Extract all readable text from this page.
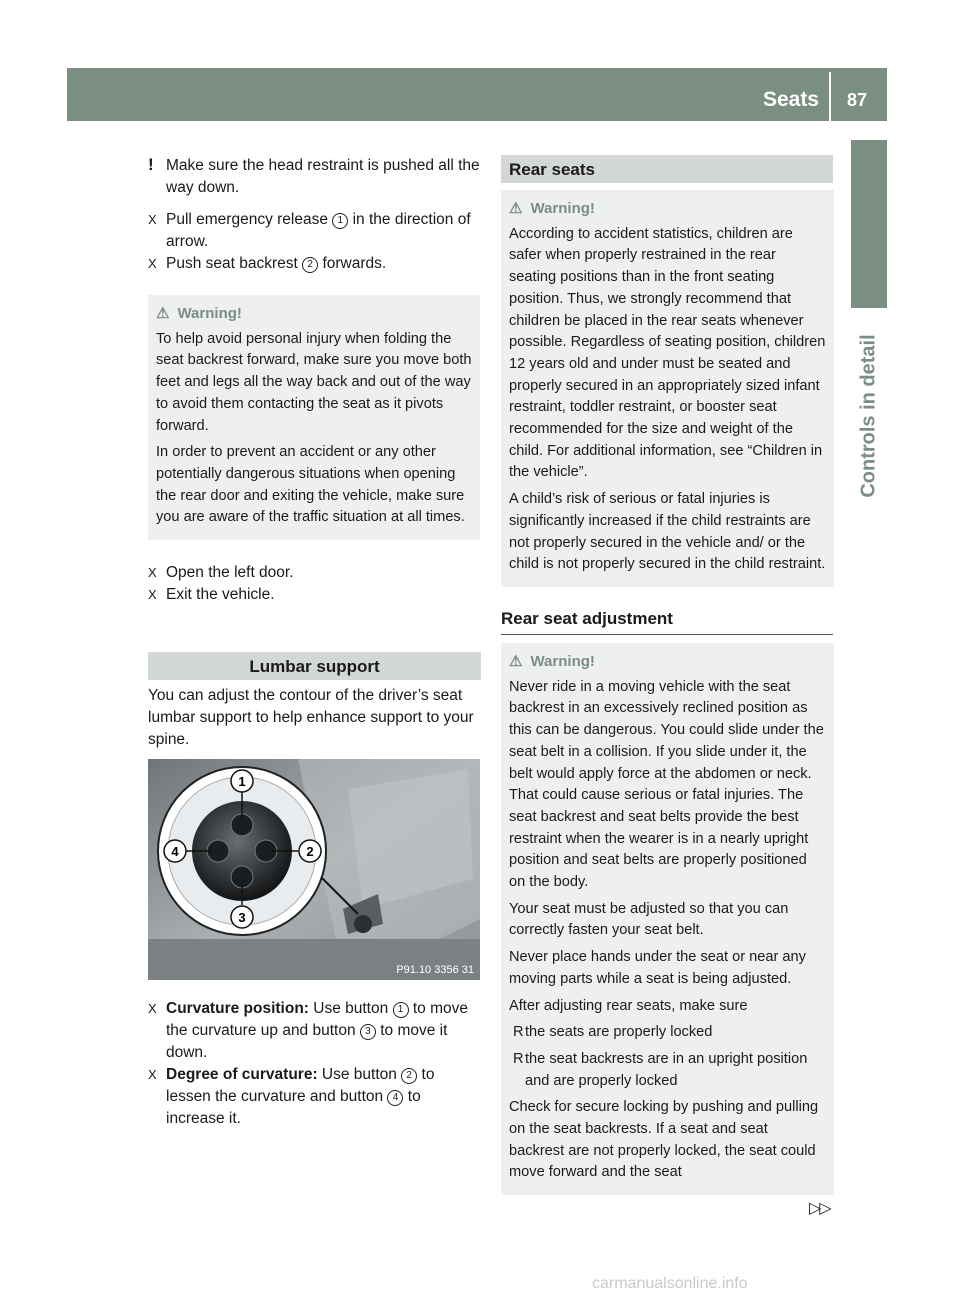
Seats 87
Controls in detail

! Make sure the head restraint is pushed all the way down.

X Pull emergency release 1 in the direction of arrow.

X Push seat backrest 2 forwards.

⚠ Warning!

To help avoid personal injury when folding the seat backrest forward, make sure you move both feet and legs all the way back and out of the way to avoid them contacting the seat as it pivots forward.

In order to prevent an accident or any other potentially dangerous situations when opening the rear door and exiting the vehicle, make sure you are aware of the traffic situation at all times.

X Open the left door.

X Exit the vehicle.

Lumbar support

You can adjust the contour of the driver’s seat lumbar support to help enhance support to your spine.

1
2
3
4
P91.10 3356 31

X Curvature position: Use button 1 to move the curvature up and button 3 to move it down.

X Degree of curvature: Use button 2 to lessen the curvature and button 4 to increase it.

Rear seats
⚠ Warning!

According to accident statistics, children are safer when properly restrained in the rear seating positions than in the front seating position. Thus, we strongly recommend that children be placed in the rear seats whenever possible. Regardless of seating position, children 12 years old and under must be seated and properly secured in an appropriately sized infant restraint, toddler restraint, or booster seat recommended for the size and weight of the child. For additional information, see “Children in the vehicle”.

A child’s risk of serious or fatal injuries is significantly increased if the child restraints are not properly secured in the vehicle and/ or the child is not properly secured in the child restraint.

Rear seat adjustment
⚠ Warning!

Never ride in a moving vehicle with the seat backrest in an excessively reclined position as this can be dangerous. You could slide under the seat belt in a collision. If you slide under it, the belt would apply force at the abdomen or neck. That could cause serious or fatal injuries. The seat backrest and seat belts provide the best restraint when the wearer is in a nearly upright position and seat belts are properly positioned on the body.

Your seat must be adjusted so that you can correctly fasten your seat belt.

Never place hands under the seat or near any moving parts while a seat is being adjusted.

After adjusting rear seats, make sure

R the seats are properly locked

R the seat backrests are in an upright position and are properly locked

Check for secure locking by pushing and pulling on the seat backrests. If a seat and seat backrest are not properly locked, the seat could move forward and the seat

▷▷
carmanualsonline.info
